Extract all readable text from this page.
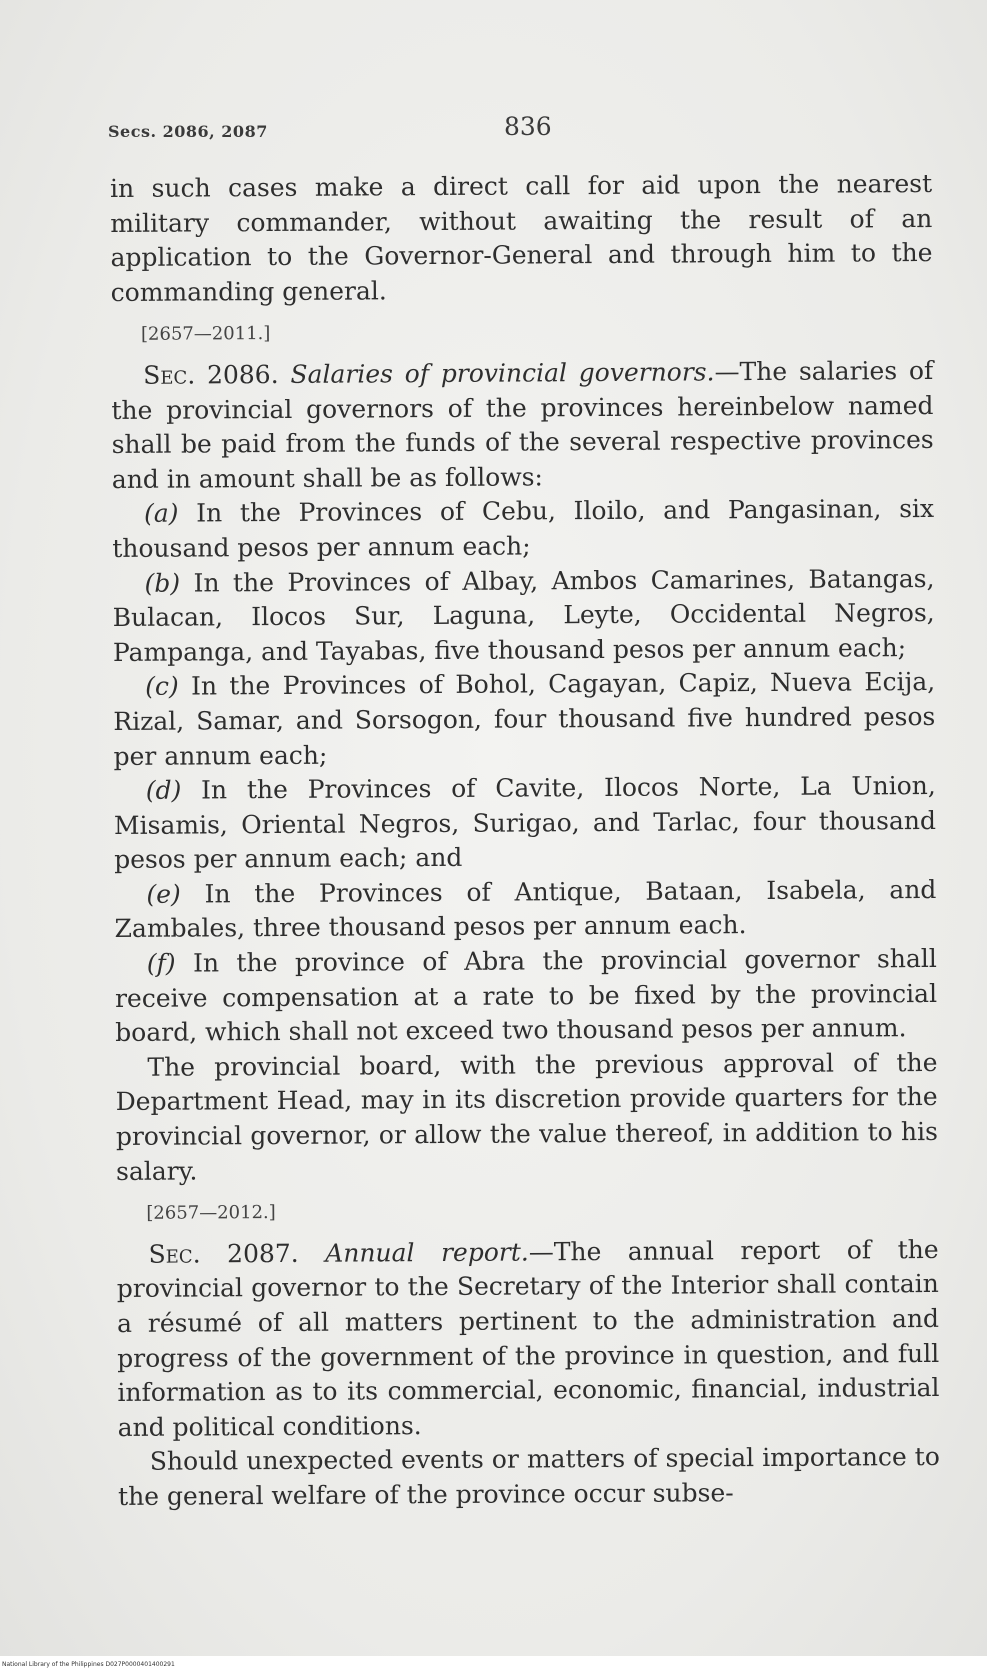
Secs. 2086, 2087	836

in such cases make a direct call for aid upon the nearest military commander, without awaiting the result of an application to the Governor-General and through him to the commanding general.

[2657—2011.]

Sec. 2086. Salaries of provincial governors.—The salaries of the provincial governors of the provinces hereinbelow named shall be paid from the funds of the several respective provinces and in amount shall be as follows:

(a) In the Provinces of Cebu, Iloilo, and Pangasinan, six thousand pesos per annum each;

(b) In the Provinces of Albay, Ambos Camarines, Batangas, Bulacan, Ilocos Sur, Laguna, Leyte, Occidental Negros, Pampanga, and Tayabas, five thousand pesos per annum each;

(c) In the Provinces of Bohol, Cagayan, Capiz, Nueva Ecija, Rizal, Samar, and Sorsogon, four thousand five hundred pesos per annum each;

(d) In the Provinces of Cavite, Ilocos Norte, La Union, Misamis, Oriental Negros, Surigao, and Tarlac, four thousand pesos per annum each; and

(e) In the Provinces of Antique, Bataan, Isabela, and Zambales, three thousand pesos per annum each.

(f) In the province of Abra the provincial governor shall receive compensation at a rate to be fixed by the provincial board, which shall not exceed two thousand pesos per annum.

The provincial board, with the previous approval of the Department Head, may in its discretion provide quarters for the provincial governor, or allow the value thereof, in addition to his salary.

[2657—2012.]

Sec. 2087. Annual report.—The annual report of the provincial governor to the Secretary of the Interior shall contain a résumé of all matters pertinent to the administration and progress of the government of the province in question, and full information as to its commercial, economic, financial, industrial and political conditions.

Should unexpected events or matters of special importance to the general welfare of the province occur subse-

National Library of the Philippines D027P0000401400291
